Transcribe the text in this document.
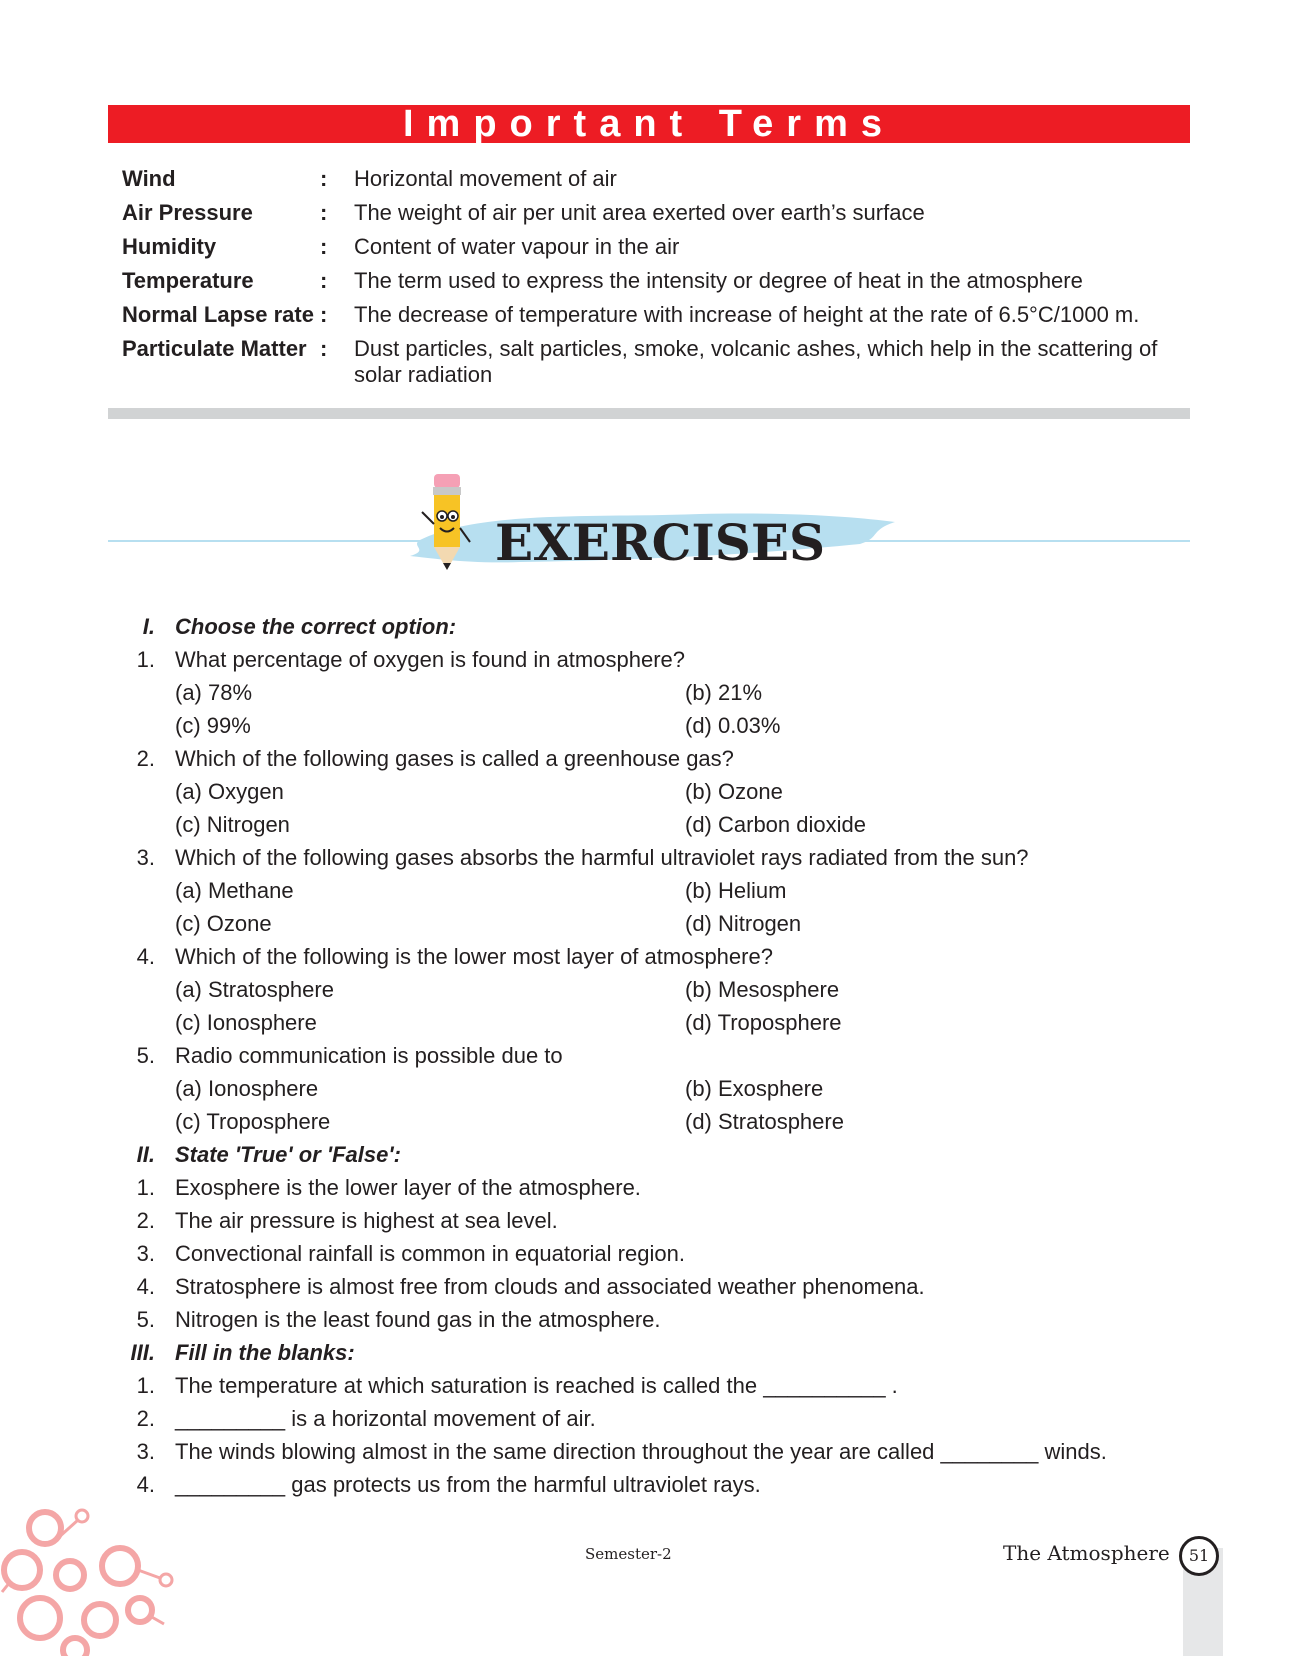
Important Terms
Wind	:	Horizontal movement of air
Air Pressure	:	The weight of air per unit area exerted over earth’s surface
Humidity	:	Content of water vapour in the air
Temperature	:	The term used to express the intensity or degree of heat in the atmosphere
Normal Lapse rate :	The decrease of temperature with increase of height at the rate of 6.5°C/1000 m.
Particulate Matter :	Dust particles, salt particles, smoke, volcanic ashes, which help in the scattering of solar radiation
EXERCISES
I. Choose the correct option:
1. What percentage of oxygen is found in atmosphere?
(a) 78%	(b) 21%
(c) 99%	(d) 0.03%
2. Which of the following gases is called a greenhouse gas?
(a) Oxygen	(b) Ozone
(c) Nitrogen	(d) Carbon dioxide
3. Which of the following gases absorbs the harmful ultraviolet rays radiated from the sun?
(a) Methane	(b) Helium
(c) Ozone	(d) Nitrogen
4. Which of the following is the lower most layer of atmosphere?
(a) Stratosphere	(b) Mesosphere
(c) Ionosphere	(d) Troposphere
5. Radio communication is possible due to
(a) Ionosphere	(b) Exosphere
(c) Troposphere	(d) Stratosphere
II. State 'True' or 'False':
1. Exosphere is the lower layer of the atmosphere.
2. The air pressure is highest at sea level.
3. Convectional rainfall is common in equatorial region.
4. Stratosphere is almost free from clouds and associated weather phenomena.
5. Nitrogen is the least found gas in the atmosphere.
III. Fill in the blanks:
1. The temperature at which saturation is reached is called the __________ .
2. _________ is a horizontal movement of air.
3. The winds blowing almost in the same direction throughout the year are called ________ winds.
4. _________ gas protects us from the harmful ultraviolet rays.
Semester-2	The Atmosphere	51
